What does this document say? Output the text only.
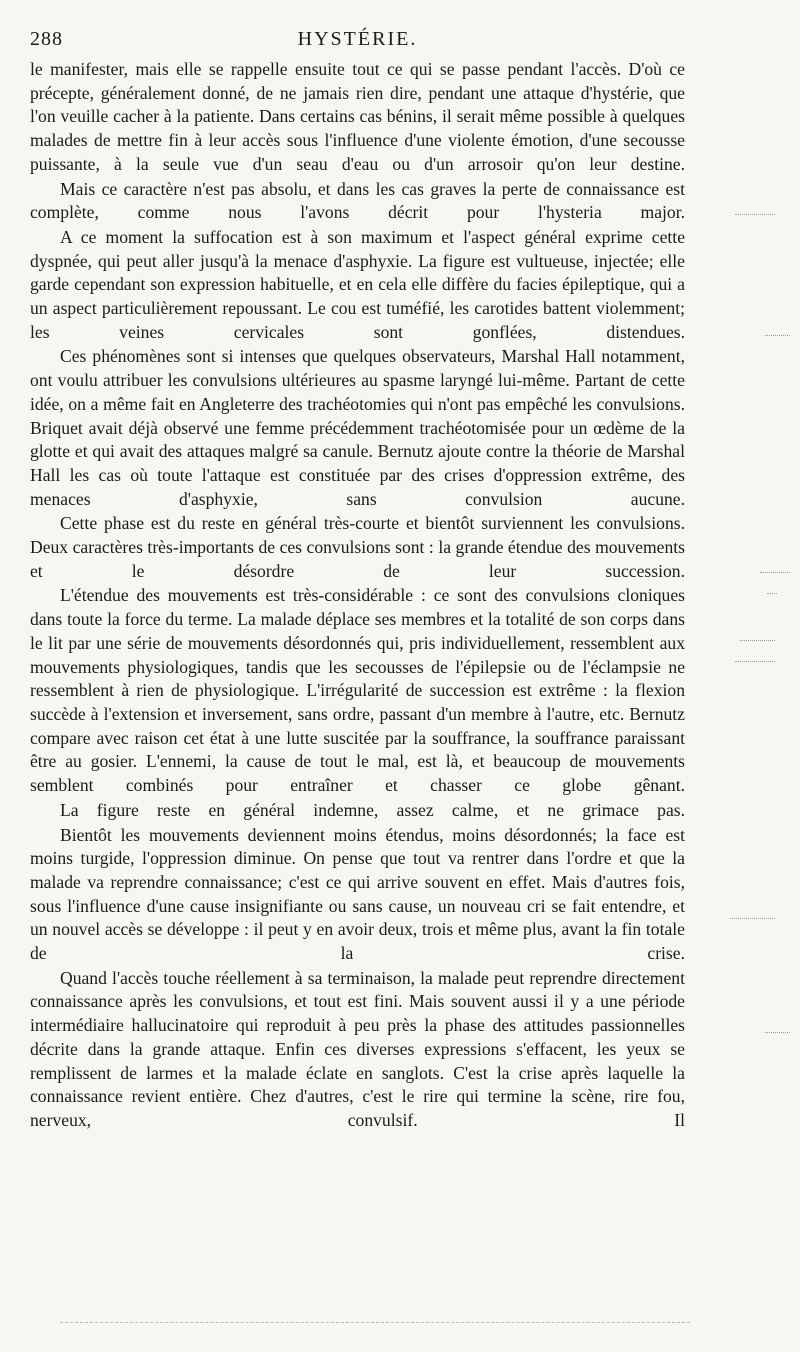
288	HYSTÉRIE.

le manifester, mais elle se rappelle ensuite tout ce qui se passe pendant l'accès. D'où ce précepte, généralement donné, de ne jamais rien dire, pendant une attaque d'hystérie, que l'on veuille cacher à la patiente. Dans certains cas bénins, il serait même possible à quelques malades de mettre fin à leur accès sous l'influence d'une violente émotion, d'une secousse puissante, à la seule vue d'un seau d'eau ou d'un arrosoir qu'on leur destine.

Mais ce caractère n'est pas absolu, et dans les cas graves la perte de connaissance est complète, comme nous l'avons décrit pour l'hysteria major.

A ce moment la suffocation est à son maximum et l'aspect général exprime cette dyspnée, qui peut aller jusqu'à la menace d'asphyxie. La figure est vultueuse, injectée; elle garde cependant son expression habituelle, et en cela elle diffère du facies épileptique, qui a un aspect particulièrement repoussant. Le cou est tuméfié, les carotides battent violemment; les veines cervicales sont gonflées, distendues.

Ces phénomènes sont si intenses que quelques observateurs, Marshal Hall notamment, ont voulu attribuer les convulsions ultérieures au spasme laryngé lui-même. Partant de cette idée, on a même fait en Angleterre des trachéotomies qui n'ont pas empêché les convulsions. Briquet avait déjà observé une femme précédemment trachéotomisée pour un œdème de la glotte et qui avait des attaques malgré sa canule. Bernutz ajoute contre la théorie de Marshal Hall les cas où toute l'attaque est constituée par des crises d'oppression extrême, des menaces d'asphyxie, sans convulsion aucune.

Cette phase est du reste en général très-courte et bientôt surviennent les convulsions. Deux caractères très-importants de ces convulsions sont : la grande étendue des mouvements et le désordre de leur succession.

L'étendue des mouvements est très-considérable : ce sont des convulsions cloniques dans toute la force du terme. La malade déplace ses membres et la totalité de son corps dans le lit par une série de mouvements désordonnés qui, pris individuellement, ressemblent aux mouvements physiologiques, tandis que les secousses de l'épilepsie ou de l'éclampsie ne ressemblent à rien de physiologique. L'irrégularité de succession est extrême : la flexion succède à l'extension et inversement, sans ordre, passant d'un membre à l'autre, etc. Bernutz compare avec raison cet état à une lutte suscitée par la souffrance, la souffrance paraissant être au gosier. L'ennemi, la cause de tout le mal, est là, et beaucoup de mouvements semblent combinés pour entraîner et chasser ce globe gênant.

La figure reste en général indemne, assez calme, et ne grimace pas.

Bientôt les mouvements deviennent moins étendus, moins désordonnés; la face est moins turgide, l'oppression diminue. On pense que tout va rentrer dans l'ordre et que la malade va reprendre connaissance; c'est ce qui arrive souvent en effet. Mais d'autres fois, sous l'influence d'une cause insignifiante ou sans cause, un nouveau cri se fait entendre, et un nouvel accès se développe : il peut y en avoir deux, trois et même plus, avant la fin totale de la crise.

Quand l'accès touche réellement à sa terminaison, la malade peut reprendre directement connaissance après les convulsions, et tout est fini. Mais souvent aussi il y a une période intermédiaire hallucinatoire qui reproduit à peu près la phase des attitudes passionnelles décrite dans la grande attaque. Enfin ces diverses expressions s'effacent, les yeux se remplissent de larmes et la malade éclate en sanglots. C'est la crise après laquelle la connaissance revient entière. Chez d'autres, c'est le rire qui termine la scène, rire fou, nerveux, convulsif. Il
